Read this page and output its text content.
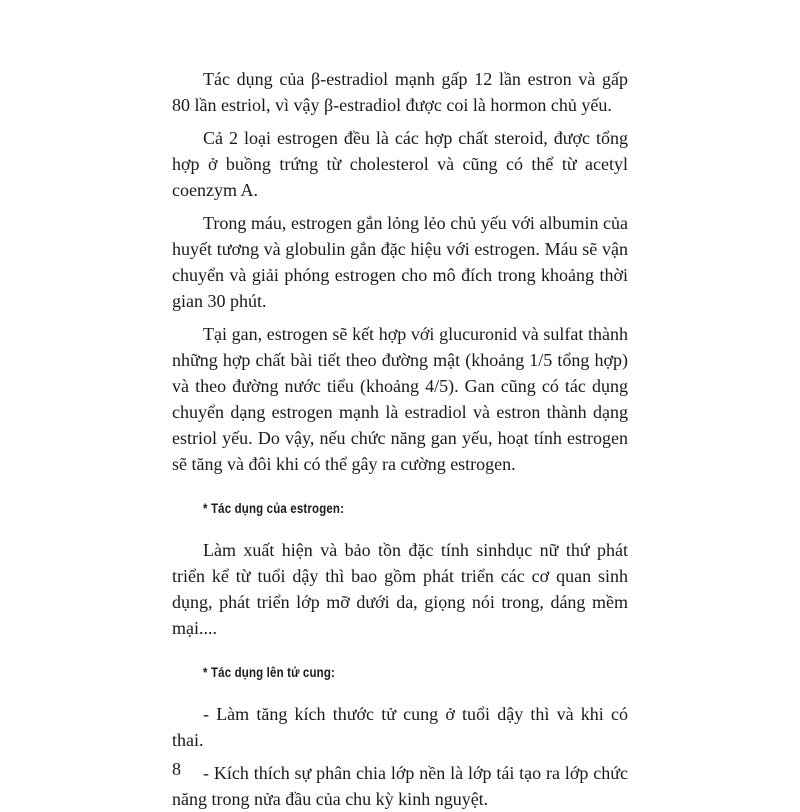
Tác dụng của β-estradiol mạnh gấp 12 lần estron và gấp 80 lần estriol, vì vậy β-estradiol được coi là hormon chủ yếu.

Cả 2 loại estrogen đều là các hợp chất steroid, được tổng hợp ở buồng trứng từ cholesterol và cũng có thể từ acetyl coenzym A.

Trong máu, estrogen gắn lỏng lẻo chủ yếu với albumin của huyết tương và globulin gắn đặc hiệu với estrogen. Máu sẽ vận chuyển và giải phóng estrogen cho mô đích trong khoảng thời gian 30 phút.

Tại gan, estrogen sẽ kết hợp với glucuronid và sulfat thành những hợp chất bài tiết theo đường mật (khoảng 1/5 tổng hợp) và theo đường nước tiểu (khoảng 4/5). Gan cũng có tác dụng chuyển dạng estrogen mạnh là estradiol và estron thành dạng estriol yếu. Do vậy, nếu chức năng gan yếu, hoạt tính estrogen sẽ tăng và đôi khi có thể gây ra cường estrogen.

* Tác dụng của estrogen:

Làm xuất hiện và bảo tồn đặc tính sinhdục nữ thứ phát triển kể từ tuổi dậy thì bao gồm phát triển các cơ quan sinh dụng, phát triển lớp mỡ dưới da, giọng nói trong, dáng mềm mại....

* Tác dụng lên tử cung:

- Làm tăng kích thước tử cung ở tuổi dậy thì và khi có thai.

- Kích thích sự phân chia lớp nền là lớp tái tạo ra lớp chức năng trong nửa đầu của chu kỳ kinh nguyệt.

8
